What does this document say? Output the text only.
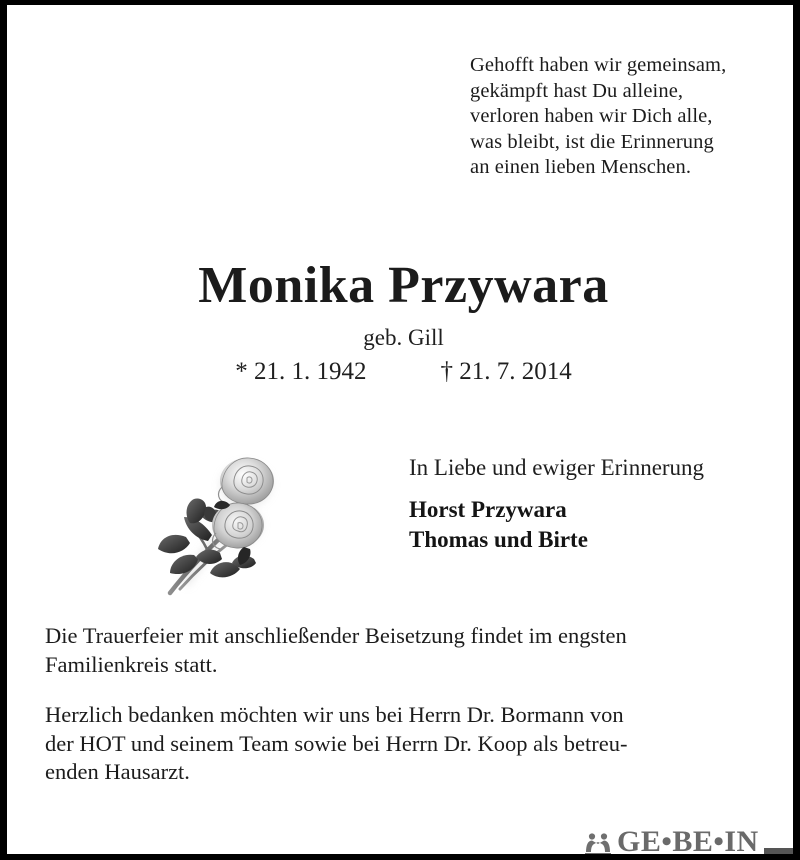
Gehofft haben wir gemeinsam,
gekämpft hast Du alleine,
verloren haben wir Dich alle,
was bleibt, ist die Erinnerung
an einen lieben Menschen.
Monika Przywara
geb. Gill
* 21. 1. 1942	† 21. 7. 2014
In Liebe und ewiger Erinnerung
Horst Przywara
Thomas und Birte
Die Trauerfeier mit anschließender Beisetzung findet im engsten
Familienkreis statt.
Herzlich bedanken möchten wir uns bei Herrn Dr. Bormann von
der HOT und seinem Team sowie bei Herrn Dr. Koop als betreu-
enden Hausarzt.
GE•BE•IN
